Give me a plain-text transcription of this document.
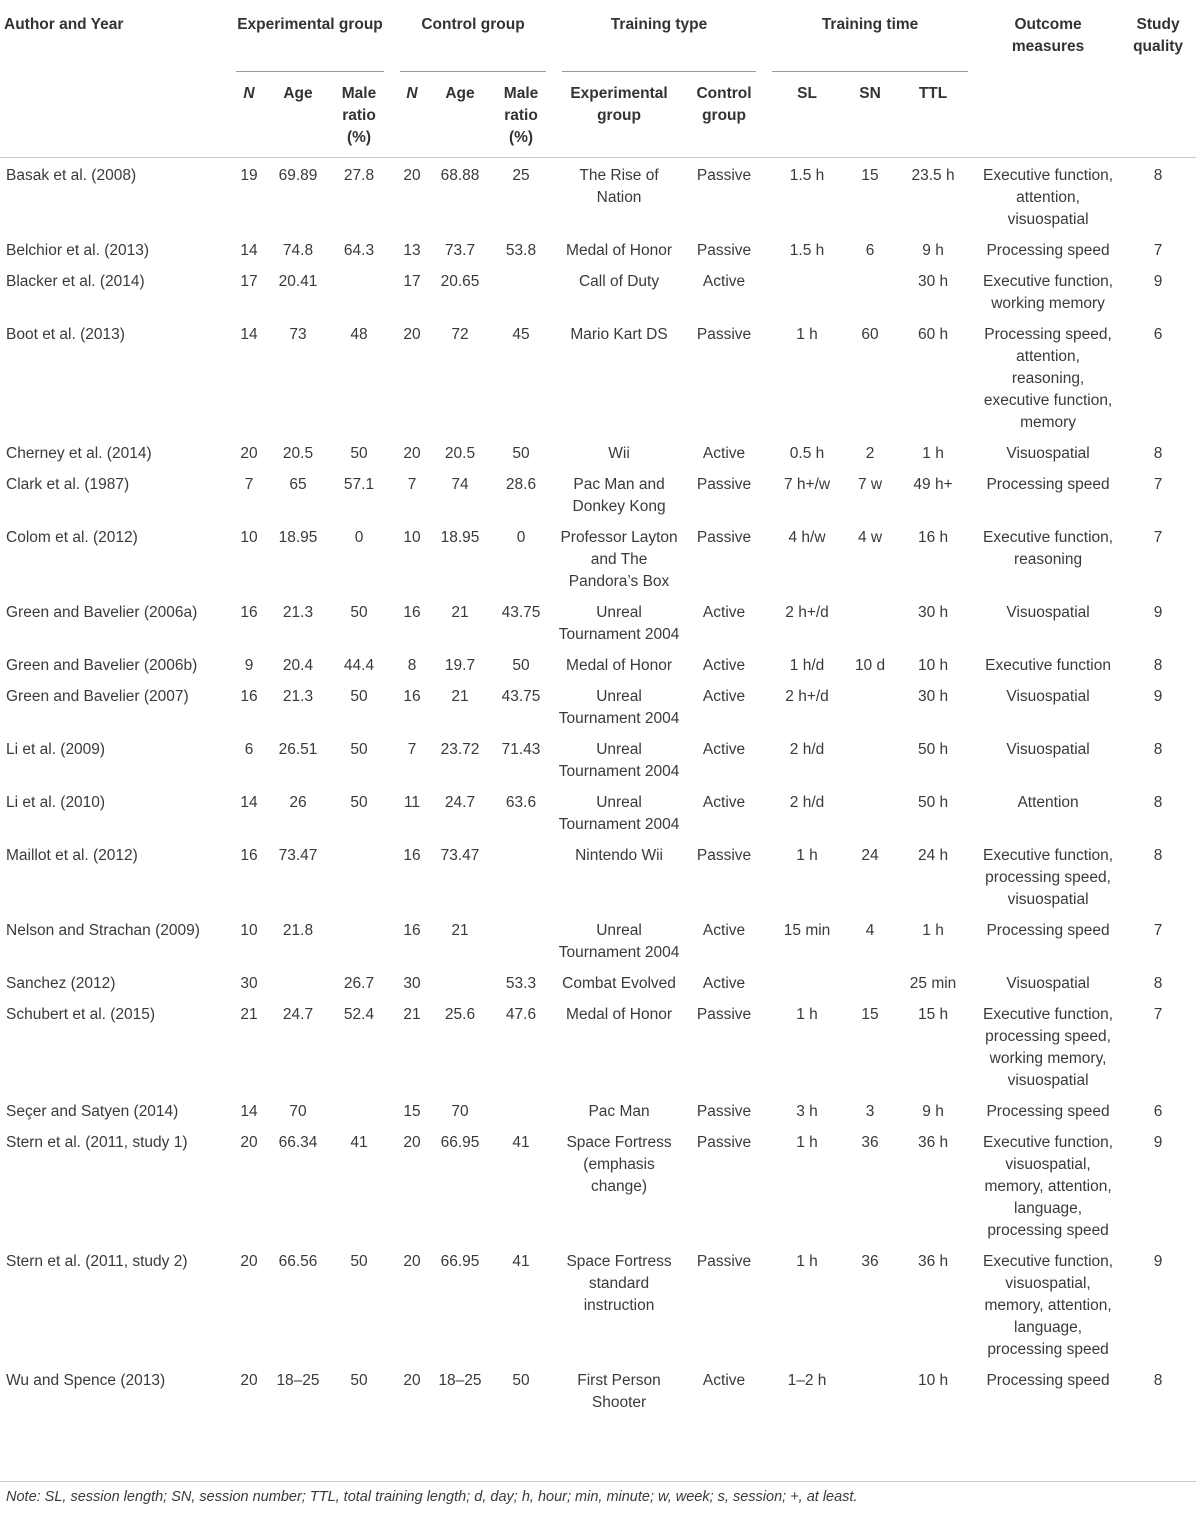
Author and Year	Experimental group			Control group			Training type		Training time			Outcome measures	Study quality
	N	Age	Male ratio (%)	N	Age	Male ratio (%)	Experimental group	Control group	SL	SN	TTL		
Basak et al. (2008)	19	69.89	27.8	20	68.88	25	The Rise of Nation	Passive	1.5 h	15	23.5 h	Executive function, attention, visuospatial	8
Belchior et al. (2013)	14	74.8	64.3	13	73.7	53.8	Medal of Honor	Passive	1.5 h	6	9 h	Processing speed	7
Blacker et al. (2014)	17	20.41		17	20.65		Call of Duty	Active			30 h	Executive function, working memory	9
Boot et al. (2013)	14	73	48	20	72	45	Mario Kart DS	Passive	1 h	60	60 h	Processing speed, attention, reasoning, executive function, memory	6
Cherney et al. (2014)	20	20.5	50	20	20.5	50	Wii	Active	0.5 h	2	1 h	Visuospatial	8
Clark et al. (1987)	7	65	57.1	7	74	28.6	Pac Man and Donkey Kong	Passive	7 h+/w	7 w	49 h+	Processing speed	7
Colom et al. (2012)	10	18.95	0	10	18.95	0	Professor Layton and The Pandora’s Box	Passive	4 h/w	4 w	16 h	Executive function, reasoning	7
Green and Bavelier (2006a)	16	21.3	50	16	21	43.75	Unreal Tournament 2004	Active	2 h+/d		30 h	Visuospatial	9
Green and Bavelier (2006b)	9	20.4	44.4	8	19.7	50	Medal of Honor	Active	1 h/d	10 d	10 h	Executive function	8
Green and Bavelier (2007)	16	21.3	50	16	21	43.75	Unreal Tournament 2004	Active	2 h+/d		30 h	Visuospatial	9
Li et al. (2009)	6	26.51	50	7	23.72	71.43	Unreal Tournament 2004	Active	2 h/d		50 h	Visuospatial	8
Li et al. (2010)	14	26	50	11	24.7	63.6	Unreal Tournament 2004	Active	2 h/d		50 h	Attention	8
Maillot et al. (2012)	16	73.47		16	73.47		Nintendo Wii	Passive	1 h	24	24 h	Executive function, processing speed, visuospatial	8
Nelson and Strachan (2009)	10	21.8		16	21		Unreal Tournament 2004	Active	15 min	4	1 h	Processing speed	7
Sanchez (2012)	30		26.7	30		53.3	Combat Evolved	Active			25 min	Visuospatial	8
Schubert et al. (2015)	21	24.7	52.4	21	25.6	47.6	Medal of Honor	Passive	1 h	15	15 h	Executive function, processing speed, working memory, visuospatial	7
Seçer and Satyen (2014)	14	70		15	70		Pac Man	Passive	3 h	3	9 h	Processing speed	6
Stern et al. (2011, study 1)	20	66.34	41	20	66.95	41	Space Fortress (emphasis change)	Passive	1 h	36	36 h	Executive function, visuospatial, memory, attention, language, processing speed	9
Stern et al. (2011, study 2)	20	66.56	50	20	66.95	41	Space Fortress standard instruction	Passive	1 h	36	36 h	Executive function, visuospatial, memory, attention, language, processing speed	9
Wu and Spence (2013)	20	18–25	50	20	18–25	50	First Person Shooter	Active	1–2 h		10 h	Processing speed	8
Note: SL, session length; SN, session number; TTL, total training length; d, day; h, hour; min, minute; w, week; s, session; +, at least.
